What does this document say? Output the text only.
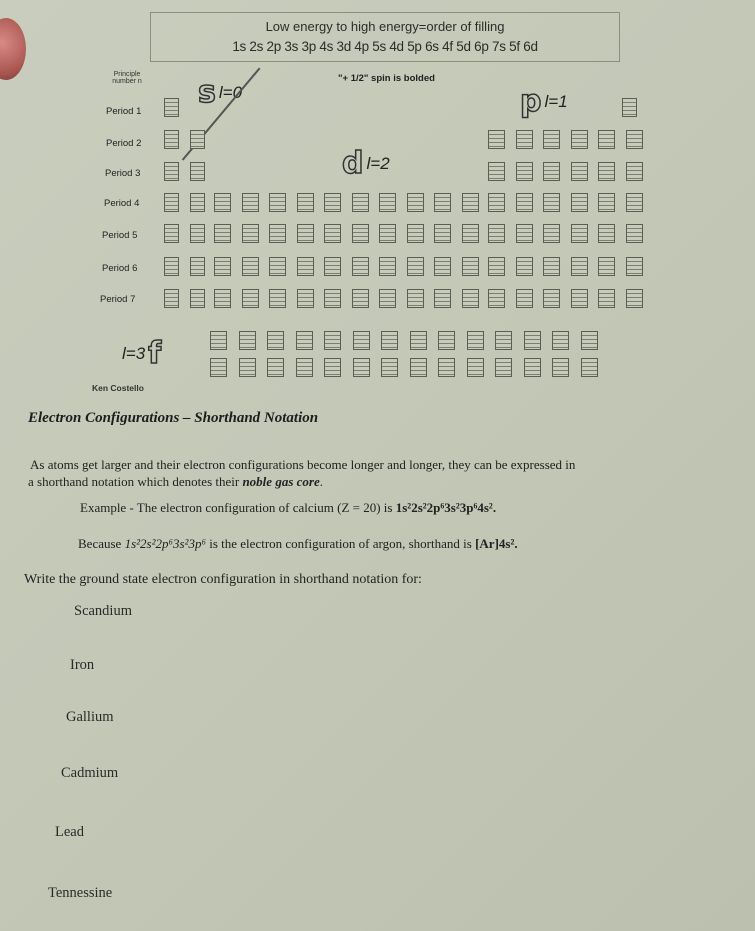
Low energy to high energy=order of filling
1s 2s 2p 3s 3p 4s 3d 4p 5s 4d 5p 6s 4f 5d 6p 7s 5f 6d
Principle number n	"+ 1/2" spin is bolded
Period 1
Period 2
Period 3
Period 4
Period 5
Period 6
Period 7
s l=0	p l=1
d l=2
l=3 f
Ken Costello
Electron Configurations – Shorthand Notation
As atoms get larger and their electron configurations become longer and longer, they can be expressed in
a shorthand notation which denotes their noble gas core.
Example - The electron configuration of calcium (Z = 20) is 1s²2s²2p⁶3s²3p⁶4s².
Because 1s²2s²2p⁶3s²3p⁶ is the electron configuration of argon, shorthand is [Ar]4s².
Write the ground state electron configuration in shorthand notation for:
Scandium
Iron
Gallium
Cadmium
Lead
Tennessine
